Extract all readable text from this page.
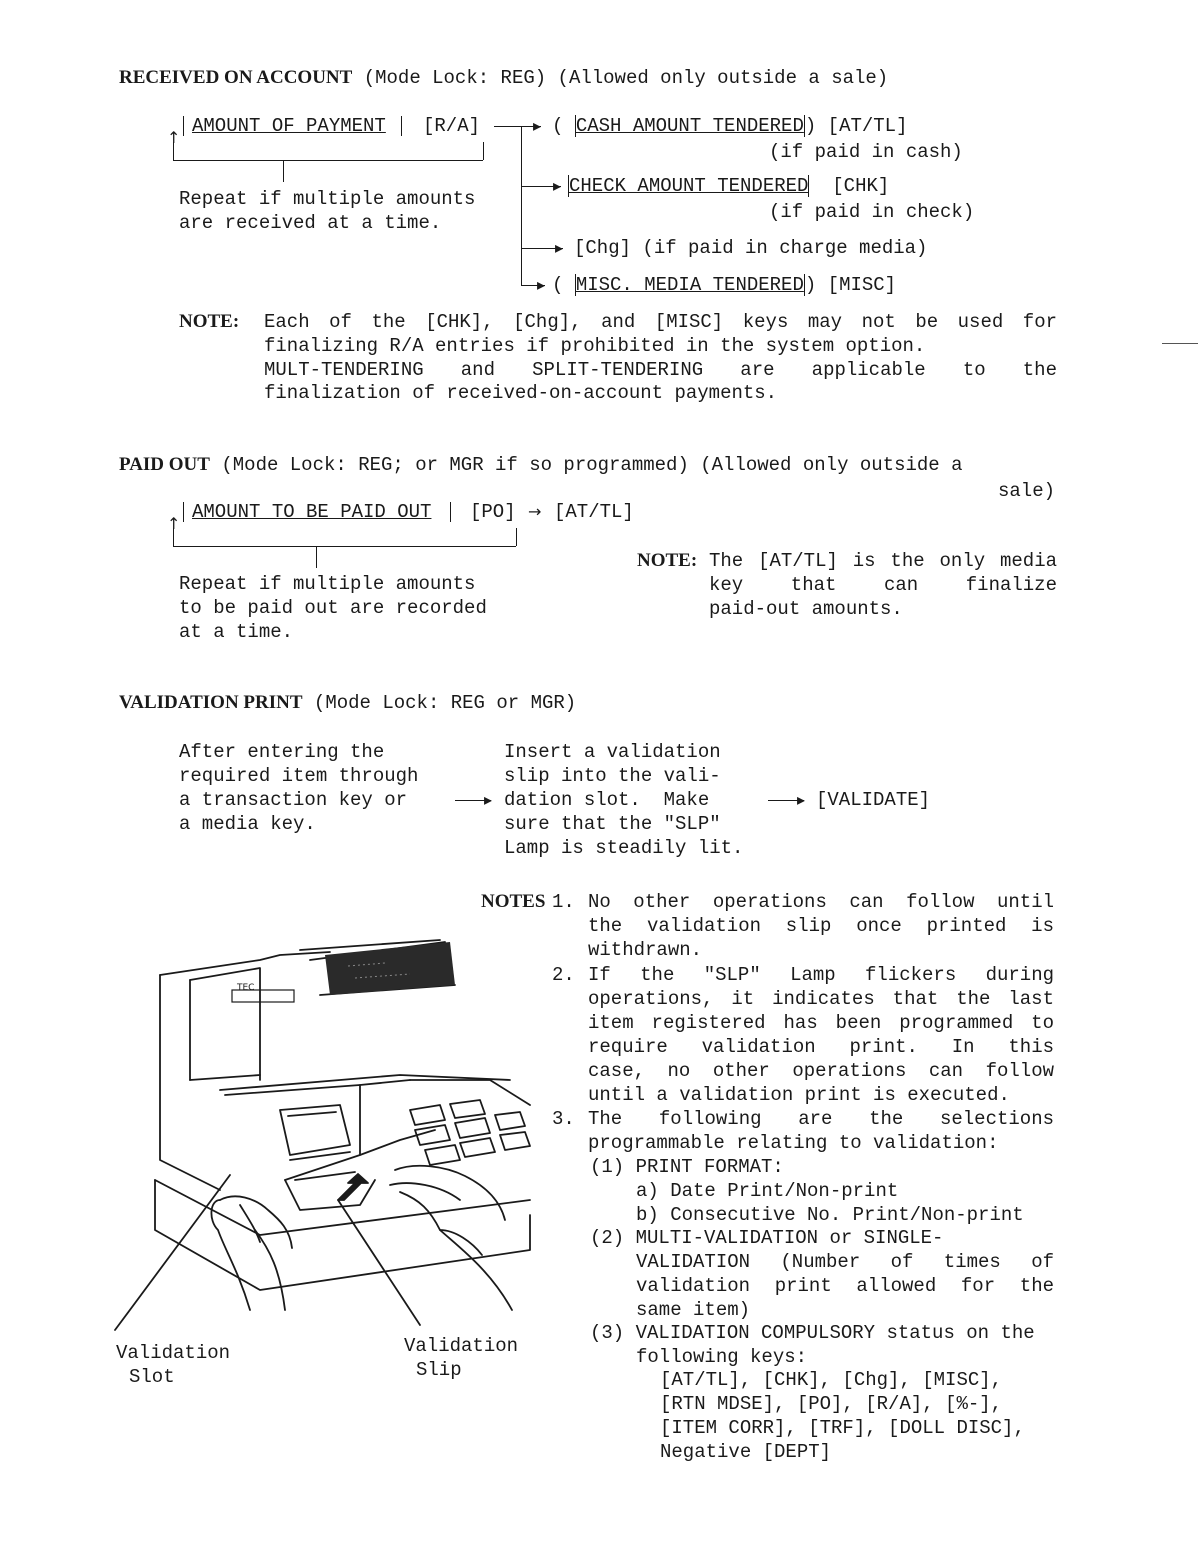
RECEIVED ON ACCOUNT (Mode Lock: REG) (Allowed only outside a sale)
AMOUNT OF PAYMENT [R/A]
↑
Repeat if multiple amounts
are received at a time.
▸ ( CASH AMOUNT TENDERED) [AT/TL]
(if paid in cash)
▸ CHECK AMOUNT TENDERED [CHK]
(if paid in check)
▸ [Chg] (if paid in charge media)
▸ ( MISC. MEDIA TENDERED) [MISC]
NOTE: Each of the [CHK], [Chg], and [MISC] keys may not be used for
finalizing R/A entries if prohibited in the system option.
MULT-TENDERING and SPLIT-TENDERING are applicable to the
finalization of received-on-account payments.
PAID OUT (Mode Lock: REG; or MGR if so programmed) (Allowed only outside a
sale)
AMOUNT TO BE PAID OUT [PO] → [AT/TL]
↑
Repeat if multiple amounts
to be paid out are recorded
at a time.
NOTE: The [AT/TL] is the only media
key that can finalize
paid-out amounts.
VALIDATION PRINT (Mode Lock: REG or MGR)
After entering the
required item through
a transaction key or
a media key.
▸
Insert a validation
slip into the vali-
dation slot.  Make
sure that the "SLP"
Lamp is steadily lit.
▸ [VALIDATE]
NOTES 1. No other operations can follow until
the validation slip once printed is
withdrawn.
2. If the "SLP" Lamp flickers during
operations, it indicates that the last
item registered has been programmed to
require validation print. In this
case, no other operations can follow
until a validation print is executed.
3. The following are the selections
programmable relating to validation:
(1) PRINT FORMAT:
a) Date Print/Non-print
b) Consecutive No. Print/Non-print
(2) MULTI-VALIDATION or SINGLE-
VALIDATION (Number of times of
validation print allowed for the
same item)
(3) VALIDATION COMPULSORY status on the
following keys:
[AT/TL], [CHK], [Chg], [MISC],
[RTN MDSE], [PO], [R/A], [%-],
[ITEM CORR], [TRF], [DOLL DISC],
Negative [DEPT]
TEC
Validation
Slot
Validation
Slip
